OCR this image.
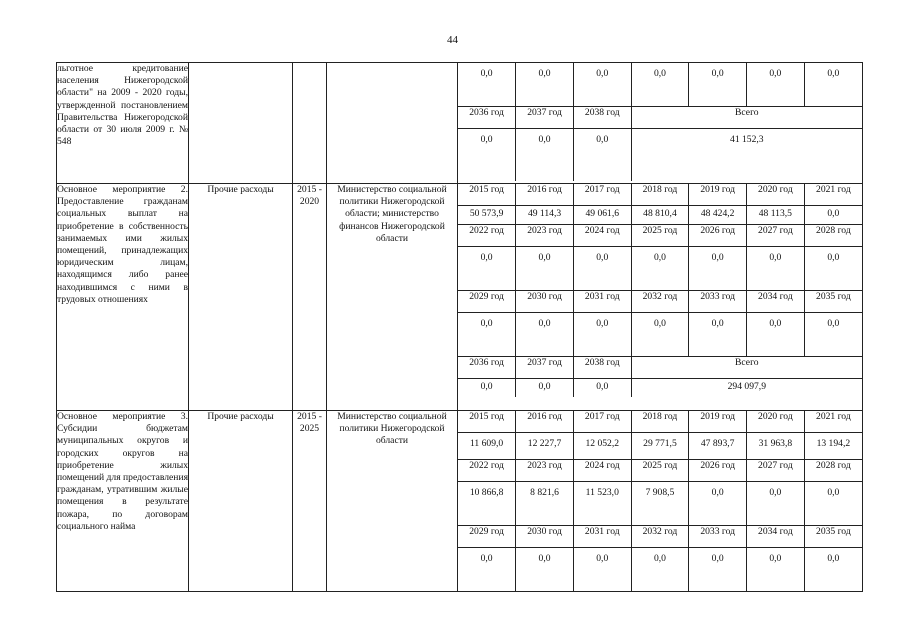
44
льготное кредитование населения Нижегородской области" на 2009 - 2020 годы, утвержденной постановлением Правительства Нижегородской области от 30 июля 2009 г. № 548				
0,0	0,0	0,0	0,0	0,0	0,0	0,0
2036 год	2037 год	2038 год	Всего
0,0	0,0	0,0	41 152,3

Основное мероприятие 2. Предоставление гражданам социальных выплат на приобретение в собственность занимаемых ими жилых помещений, принадлежащих юридическим лицам, находящимся либо ранее находившимся с ними в трудовых отношениях	Прочие расходы	2015 - 2020	Министерство социальной политики Нижегородской области; министерство финансов Нижегородской области	
2015 год	2016 год	2017 год	2018 год	2019 год	2020 год	2021 год
50 573,9	49 114,3	49 061,6	48 810,4	48 424,2	48 113,5	0,0
2022 год	2023 год	2024 год	2025 год	2026 год	2027 год	2028 год
0,0	0,0	0,0	0,0	0,0	0,0	0,0
2029 год	2030 год	2031 год	2032 год	2033 год	2034 год	2035 год
0,0	0,0	0,0	0,0	0,0	0,0	0,0
2036 год	2037 год	2038 год	Всего
0,0	0,0	0,0	294 097,9

Основное мероприятие 3. Субсидии бюджетам муниципальных округов и городских округов на приобретение жилых помещений для предоставления гражданам, утратившим жилые помещения в результате пожара, по договорам социального найма	Прочие расходы	2015 - 2025	Министерство социальной политики Нижегородской области	
2015 год	2016 год	2017 год	2018 год	2019 год	2020 год	2021 год
11 609,0	12 227,7	12 052,2	29 771,5	47 893,7	31 963,8	13 194,2
2022 год	2023 год	2024 год	2025 год	2026 год	2027 год	2028 год
10 866,8	8 821,6	11 523,0	7 908,5	0,0	0,0	0,0
2029 год	2030 год	2031 год	2032 год	2033 год	2034 год	2035 год
0,0	0,0	0,0	0,0	0,0	0,0	0,0
